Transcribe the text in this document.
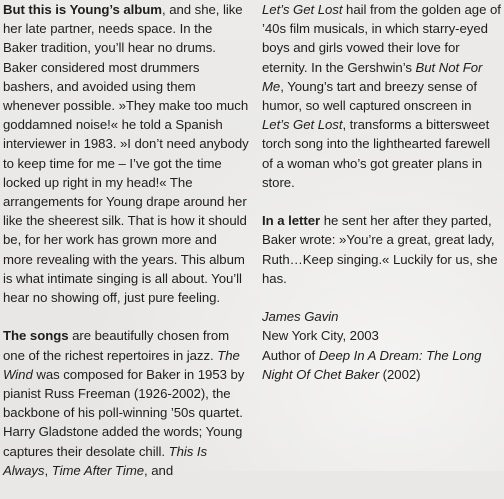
But this is Young’s album, and she, like her late partner, needs space. In the Baker tradition, you’ll hear no drums. Baker considered most drummers bashers, and avoided using them whenever possible. »They make too much goddamned noise!« he told a Spanish interviewer in 1983. »I don’t need anybody to keep time for me – I’ve got the time locked up right in my head!« The arrangements for Young drape around her like the sheerest silk. That is how it should be, for her work has grown more and more revealing with the years. This album is what intimate singing is all about. You’ll hear no showing off, just pure feeling.

The songs are beautifully chosen from one of the richest repertoires in jazz. The Wind was composed for Baker in 1953 by pianist Russ Freeman (1926-2002), the backbone of his poll-winning ’50s quartet. Harry Gladstone added the words; Young captures their desolate chill. This Is Always, Time After Time, and

Let’s Get Lost hail from the golden age of ’40s film musicals, in which starry-eyed boys and girls vowed their love for eternity. In the Gershwin’s But Not For Me, Young’s tart and breezy sense of humor, so well captured onscreen in Let’s Get Lost, transforms a bittersweet torch song into the lighthearted farewell of a woman who’s got greater plans in store.

In a letter he sent her after they parted, Baker wrote: »You’re a great, great lady, Ruth…Keep singing.« Luckily for us, she has.

James Gavin

New York City, 2003

Author of Deep In A Dream: The Long Night Of Chet Baker (2002)
